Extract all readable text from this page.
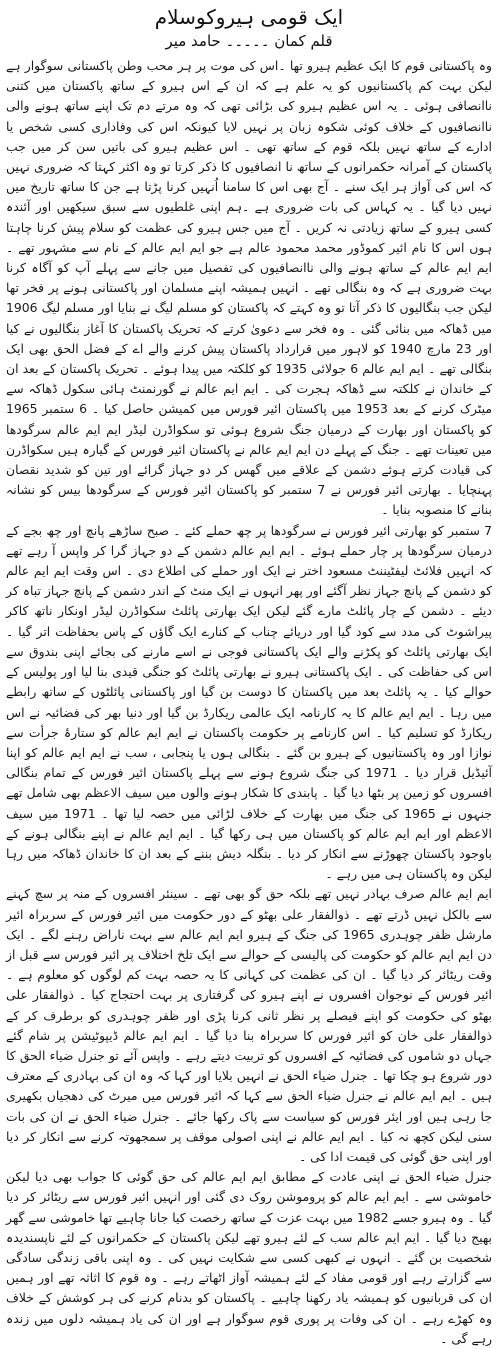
ایک قومی ہیروکوسلام
قلم کمان ۔۔۔۔۔ حامد میر

وہ پاکستانی قوم کا ایک عظیم ہیرو تھا ۔اس کی موت پر ہر محب وطن پاکستانی سوگوار ہے لیکن بہت کم پاکستانیوں کو یہ علم ہے کہ ان کے اس ہیرو کے ساتھ پاکستان میں کتنی ناانصافی ہوئی ۔ یہ اس عظیم ہیرو کی بڑائی تھی کہ وہ مرتے دم تک اپنے ساتھ ہونے والی ناانصافیوں کے خلاف کوئی شکوہ زبان پر نہیں لایا کیونکہ اس کی وفاداری کسی شخص یا ادارے کے ساتھ نہیں بلکہ قوم کے ساتھ تھی ۔ اس عظیم ہیرو کی باتیں سن کر میں جب پاکستان کے آمرانہ حکمرانوں کے ساتھ نا انصافیوں کا ذکر کرتا تو وہ اکثر کہتا کہ ضروری نہیں کہ اس کی آواز ہر ایک سنے ۔ آج بھی اس کا سامنا اُنہیں کرنا پڑتا ہے جن کا ساتھ تاریخ میں نہیں دیا گیا ۔ یہ کہاس کی بات ضروری ہے ۔ہم اپنی غلطیوں سے سبق سیکھیں اور آئندہ کسی ہیرو کے ساتھ زیادتی نہ کریں ۔ آج میں جس ہیرو کی عظمت کو سلام پیش کرنا چاہتا ہوں اس کا نام ائیر کموڈور محمد محمود عالم ہے جو ایم ایم عالم کے نام سے مشہور تھے ۔ ایم ایم عالم کے ساتھ ہونے والی ناانصافیوں کی تفصیل میں جانے سے پہلے آپ کو آگاہ کرنا بہت ضروری ہے کہ وہ بنگالی تھے ۔ انہیں ہمیشہ اپنے مسلمان اور پاکستانی ہونے پر فخر تھا لیکن جب بنگالیوں کا ذکر آتا تو وہ کہتے کہ پاکستان کو مسلم لیگ نے بنایا اور مسلم لیگ 1906 میں ڈھاکہ میں بنائی گئی ۔ وہ فخر سے دعویٰ کرتے کہ تحریک پاکستان کا آغاز بنگالیوں نے کیا اور 23 مارچ 1940 کو لاہور میں قرارداد پاکستان پیش کرنے والے اے کے فضل الحق بھی ایک بنگالی تھے ۔ ایم ایم عالم 6 جولائی 1935 کو کلکتہ میں پیدا ہوئے ۔ تحریک پاکستان کے بعد ان کے خاندان نے کلکتہ سے ڈھاکہ ہجرت کی ۔ ایم ایم عالم نے گورنمنٹ ہائی سکول ڈھاکہ سے میٹرک کرنے کے بعد 1953 میں پاکستان ائیر فورس میں کمیشن حاصل کیا ۔ 6 ستمبر 1965 کو پاکستان اور بھارت کے درمیان جنگ شروع ہوئی تو سکواڈرن لیڈر ایم ایم عالم سرگودھا میں تعینات تھے ۔ جنگ کے پہلے دن ایم ایم عالم نے پاکستان ائیر فورس کے گیارہ ہیں سکواڈرن کی قیادت کرتے ہوئے دشمن کے علاقے میں گھس کر دو جہاز گرائے اور تین کو شدید نقصان پہنچایا ۔ بھارتی ائیر فورس نے 7 ستمبر کو پاکستان ائیر فورس کے سرگودھا بیس کو نشانہ بنانے کا منصوبہ بنایا ۔

7 ستمبر کو بھارتی ائیر فورس نے سرگودھا پر چھ حملے کئے ۔ صبح ساڑھے پانچ اور چھ بجے کے درمیان سرگودھا پر چار حملے ہوئے ۔ ایم ایم عالم دشمن کے دو جہاز گرا کر واپس آ رہے تھے کہ انہیں فلائٹ لیفٹیننٹ مسعود اختر نے ایک اور حملے کی اطلاع دی ۔ اس وقت ایم ایم عالم کو دشمن کے پانچ جہاز نظر آگئے اور پھر انہوں نے ایک منٹ کے اندر دشمن کے پانچ جہاز تباہ کر دیئے ۔ دشمن کے چار پائلٹ مارے گئے لیکن ایک بھارتی پائلٹ سکواڈرن لیڈر اونکار ناتھ کاکر پیراشوٹ کی مدد سے کود گیا اور دریائے چناب کے کنارے ایک گاؤں کے پاس بحفاظت اتر گیا ۔ ایک بھارتی پائلٹ کو پکڑنے والے ایک پاکستانی فوجی نے اسے مارنے کی بجائے اپنی بندوق سے اس کی حفاظت کی ۔ ایک پاکستانی ہیرو نے بھارتی پائلٹ کو جنگی قیدی بنا لیا اور پولیس کے حوالے کیا ۔ یہ پائلٹ بعد میں پاکستان کا دوست بن گیا اور پاکستانی پائلٹوں کے ساتھ رابطے میں رہا ۔ ایم ایم عالم کا یہ کارنامہ ایک عالمی ریکارڈ بن گیا اور دنیا بھر کی فضائیہ نے اس ریکارڈ کو تسلیم کیا ۔ اس کارنامے پر حکومت پاکستان نے ایم ایم عالم کو ستارۂ جرأت سے نوازا اور وہ پاکستانیوں کے ہیرو بن گئے ۔ بنگالی ہوں یا پنجابی ، سب نے ایم ایم عالم کو اپنا آئیڈیل قرار دیا ۔ 1971 کی جنگ شروع ہونے سے پہلے پاکستان ائیر فورس کے تمام بنگالی افسروں کو زمین پر بٹھا دیا گیا ۔ پابندی کا شکار ہونے والوں میں سیف الاعظم بھی شامل تھے جنہوں نے 1965 کی جنگ میں بھارت کے خلاف لڑائی میں حصہ لیا تھا ۔ 1971 میں سیف الاعظم اور ایم ایم عالم کو پاکستان میں ہی رکھا گیا ۔ ایم ایم عالم نے اپنے بنگالی ہونے کے باوجود پاکستان چھوڑنے سے انکار کر دیا ۔ بنگلہ دیش بننے کے بعد ان کا خاندان ڈھاکہ میں رہا لیکن وہ پاکستان ہی میں رہے ۔

ایم ایم عالم صرف بہادر نہیں تھے بلکہ حق گو بھی تھے ۔ سینئر افسروں کے منہ پر سچ کہنے سے بالکل نہیں ڈرتے تھے ۔ ذوالفقار علی بھٹو کے دور حکومت میں ائیر فورس کے سربراہ ائیر مارشل ظفر چوہدری 1965 کی جنگ کے ہیرو ایم ایم عالم سے بہت ناراض رہنے لگے ۔ ایک دن ایم ایم عالم کو حکومت کی پالیسی کے حوالے سے ایک تلخ اختلاف پر ائیر فورس سے قبل از وقت ریٹائر کر دیا گیا ۔ ان کی عظمت کی کہانی کا یہ حصہ بہت کم لوگوں کو معلوم ہے ۔ ائیر فورس کے نوجوان افسروں نے اپنے ہیرو کی گرفتاری پر بہت احتجاج کیا ۔ ذوالفقار علی بھٹو کی حکومت کو اپنے فیصلے پر نظر ثانی کرنا پڑی اور ظفر چوہدری کو برطرف کر کے ذوالفقار علی خان کو ائیر فورس کا سربراہ بنا دیا گیا ۔ ایم ایم عالم ڈیپوٹیشن پر شام گئے جہاں دو شاموں کی فضائیہ کے افسروں کو تربیت دیتے رہے ۔ واپس آئے تو جنرل ضیاء الحق کا دور شروع ہو چکا تھا ۔ جنرل ضیاء الحق نے انہیں بلایا اور کہا کہ وہ ان کی بہادری کے معترف ہیں ۔ ایم ایم عالم نے جنرل ضیاء الحق سے کہا کہ ائیر فورس میں میرٹ کی دھجیاں بکھیری جا رہی ہیں اور ایئر فورس کو سیاست سے پاک رکھا جائے ۔ جنرل ضیاء الحق نے ان کی بات سنی لیکن کچھ نہ کیا ۔ ایم ایم عالم نے اپنی اصولی موقف پر سمجھوتہ کرنے سے انکار کر دیا اور اپنی حق گوئی کی قیمت ادا کی ۔

جنرل ضیاء الحق نے اپنی عادت کے مطابق ایم ایم عالم کی حق گوئی کا جواب بھی دیا لیکن خاموشی سے ۔ ایم ایم عالم کو پروموشن روک دی گئی اور انہیں ائیر فورس سے ریٹائر کر دیا گیا ۔ وہ ہیرو جسے 1982 میں بہت عزت کے ساتھ رخصت کیا جانا چاہیے تھا خاموشی سے گھر بھیج دیا گیا ۔ ایم ایم عالم سب کے لئے ہیرو تھے لیکن پاکستان کے حکمرانوں کے لئے ناپسندیدہ شخصیت بن گئے ۔ انہوں نے کبھی کسی سے شکایت نہیں کی ۔ وہ اپنی باقی زندگی سادگی سے گزارتے رہے اور قومی مفاد کے لئے ہمیشہ آواز اٹھاتے رہے ۔ وہ قوم کا اثاثہ تھے اور ہمیں ان کی قربانیوں کو ہمیشہ یاد رکھنا چاہیے ۔ پاکستان کو بدنام کرنے کی ہر کوشش کے خلاف وہ کھڑے رہے ۔ ان کی وفات پر پوری قوم سوگوار ہے اور ان کی یاد ہمیشہ دلوں میں زندہ رہے گی ۔
